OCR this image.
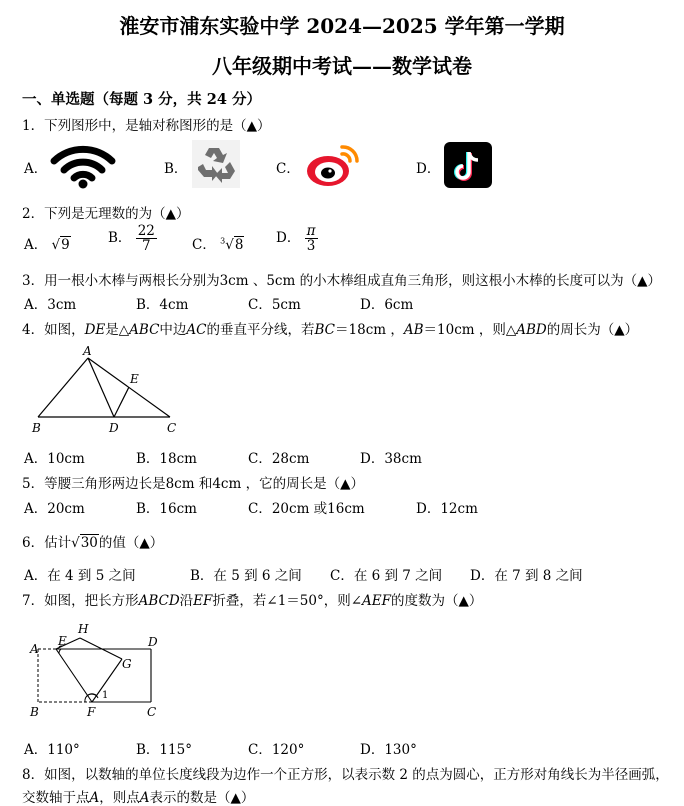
淮安市浦东实验中学 2024—2025 学年第一学期
八年级期中考试——数学试卷
一、单选题（每题 3 分，共 24 分）
1．下列图形中，是轴对称图形的是（▲）
A．	B．	C．	D．
2．下列是无理数的为（▲）
A． √9	B． $\frac{22}{7}$	C． $^3$√8 D． $\frac{\pi}{3}$
3．用一根小木棒与两根长分别为3cm 、5cm 的小木棒组成直角三角形，则这根小木棒的长度可以为（▲）
A．3cm	B．4cm	C．5cm	D．6cm
4．如图，DE是△ABC中边AC的垂直平分线，若BC＝18cm ，AB＝10cm ，则△ABD的周长为（▲）
A
B	C
D
E
A．10cm	B．18cm	C．28cm	D．38cm
5．等腰三角形两边长是8cm 和4cm ，它的周长是（▲）
A．20cm	B．16cm	C．20cm 或16cm	D．12cm
6．估计√30的值（▲）
A．在 4 到 5 之间	B．在 5 到 6 之间 C．在 6 到 7 之间 D．在 7 到 8 之间
7．如图，把长方形ABCD沿EF折叠，若∠1＝50°，则∠AEF的度数为（▲）
A
B	C
D
E
F
G
H
1
A．110°	B．115°	C．120°	D．130°
8．如图，以数轴的单位长度线段为边作一个正方形，以表示数 2 的点为圆心，正方形对角线长为半径画弧，
交数轴于点A，则点A表示的数是（▲）
